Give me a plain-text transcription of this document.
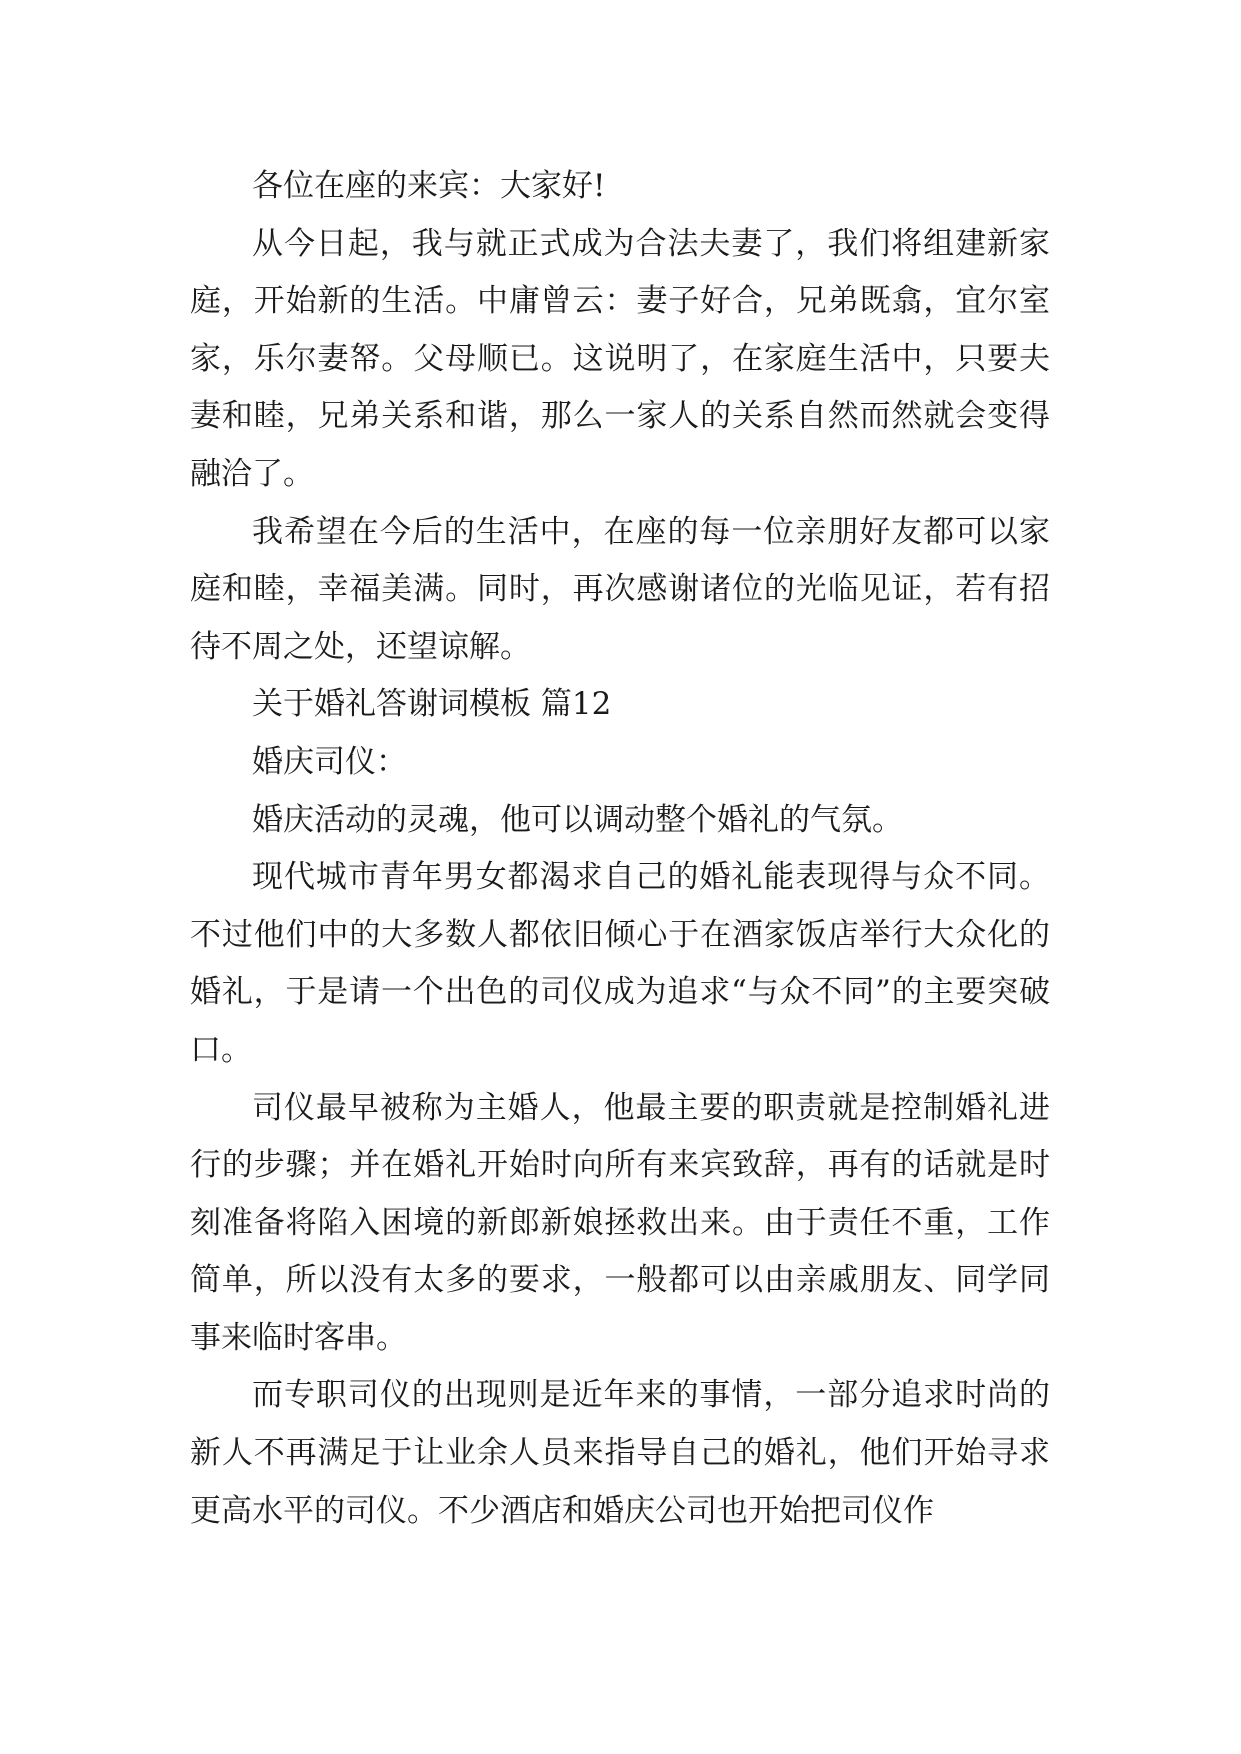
各位在座的来宾：大家好!

从今日起，我与就正式成为合法夫妻了，我们将组建新家庭，开始新的生活。中庸曾云：妻子好合，兄弟既翕，宜尔室家，乐尔妻帑。父母顺已。这说明了，在家庭生活中，只要夫妻和睦，兄弟关系和谐，那么一家人的关系自然而然就会变得融洽了。

我希望在今后的生活中，在座的每一位亲朋好友都可以家庭和睦，幸福美满。同时，再次感谢诸位的光临见证，若有招待不周之处，还望谅解。

关于婚礼答谢词模板 篇12

婚庆司仪：

婚庆活动的灵魂，他可以调动整个婚礼的气氛。

现代城市青年男女都渴求自己的婚礼能表现得与众不同。不过他们中的大多数人都依旧倾心于在酒家饭店举行大众化的婚礼，于是请一个出色的司仪成为追求“与众不同”的主要突破口。

司仪最早被称为主婚人，他最主要的职责就是控制婚礼进行的步骤；并在婚礼开始时向所有来宾致辞，再有的话就是时刻准备将陷入困境的新郎新娘拯救出来。由于责任不重，工作简单，所以没有太多的要求，一般都可以由亲戚朋友、同学同事来临时客串。

而专职司仪的出现则是近年来的事情，一部分追求时尚的新人不再满足于让业余人员来指导自己的婚礼，他们开始寻求更高水平的司仪。不少酒店和婚庆公司也开始把司仪作
